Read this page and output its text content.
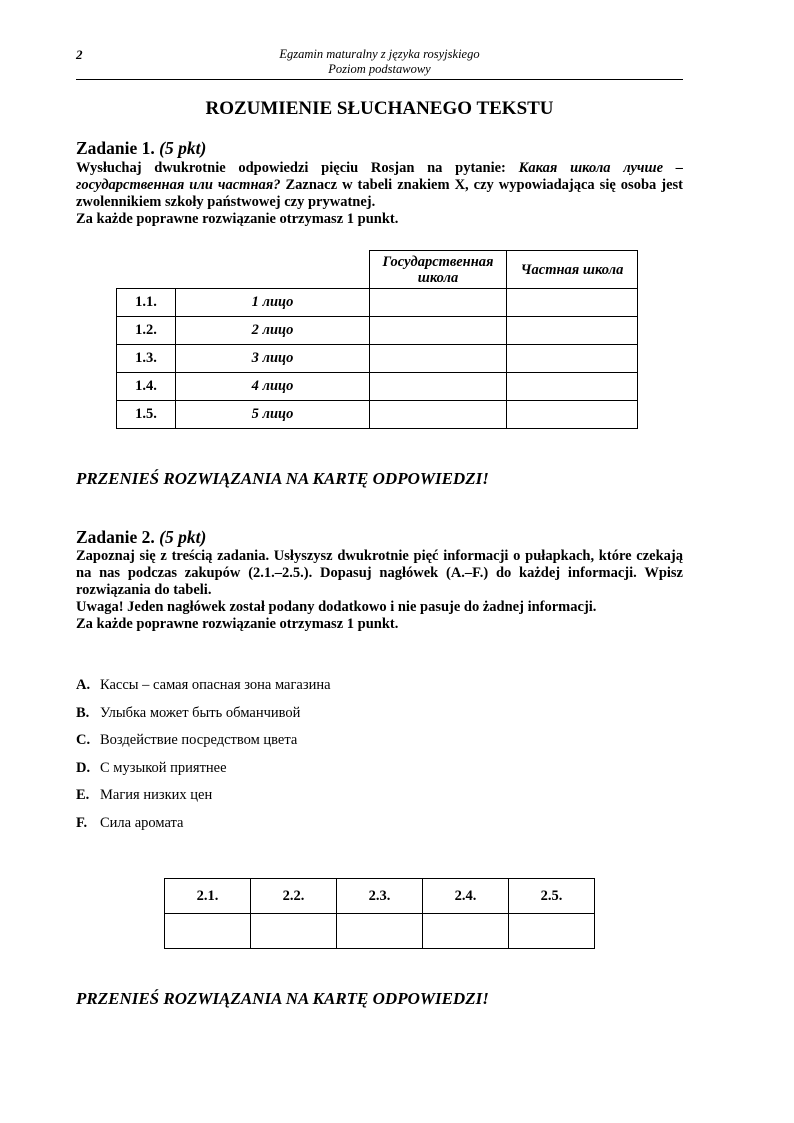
2	Egzamin maturalny z języka rosyjskiego
Poziom podstawowy
ROZUMIENIE SŁUCHANEGO TEKSTU
Zadanie 1. (5 pkt)

Wysłuchaj dwukrotnie odpowiedzi pięciu Rosjan na pytanie: Какая школа лучше – государственная или частная? Zaznacz w tabeli znakiem X, czy wypowiadająca się osoba jest zwolennikiem szkoły państwowej czy prywatnej.

Za każde poprawne rozwiązanie otrzymasz 1 punkt.

		Государственная школа	Частная школа
1.1.	1 лицо		
1.2.	2 лицо		
1.3.	3 лицо		
1.4.	4 лицо		
1.5.	5 лицо		
PRZENIEŚ ROZWIĄZANIA NA KARTĘ ODPOWIEDZI!
Zadanie 2. (5 pkt)

Zapoznaj się z treścią zadania. Usłyszysz dwukrotnie pięć informacji o pułapkach, które czekają na nas podczas zakupów (2.1.–2.5.). Dopasuj nagłówek (A.–F.) do każdej informacji. Wpisz rozwiązania do tabeli.

Uwaga! Jeden nagłówek został podany dodatkowo i nie pasuje do żadnej informacji.

Za każde poprawne rozwiązanie otrzymasz 1 punkt.

A. Кассы – самая опасная зона магазина
B. Улыбка может быть обманчивой
C. Воздействие посредством цвета
D. С музыкой приятнее
E. Магия низких цен
F. Сила аромата
2.1.	2.2.	2.3.	2.4.	2.5.

PRZENIEŚ ROZWIĄZANIA NA KARTĘ ODPOWIEDZI!
